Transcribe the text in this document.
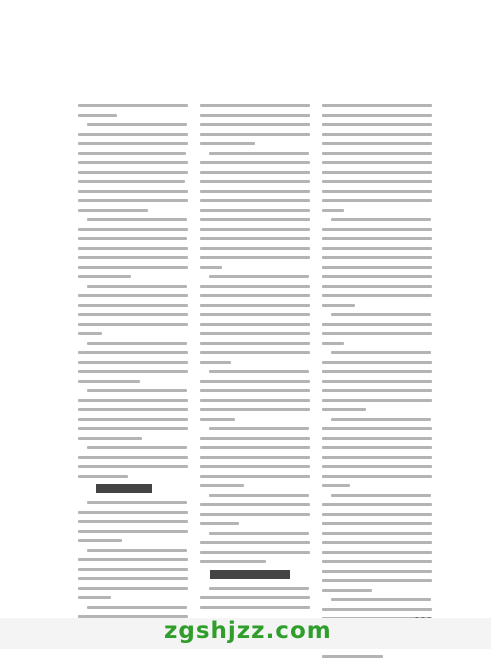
zgshjzz.com
